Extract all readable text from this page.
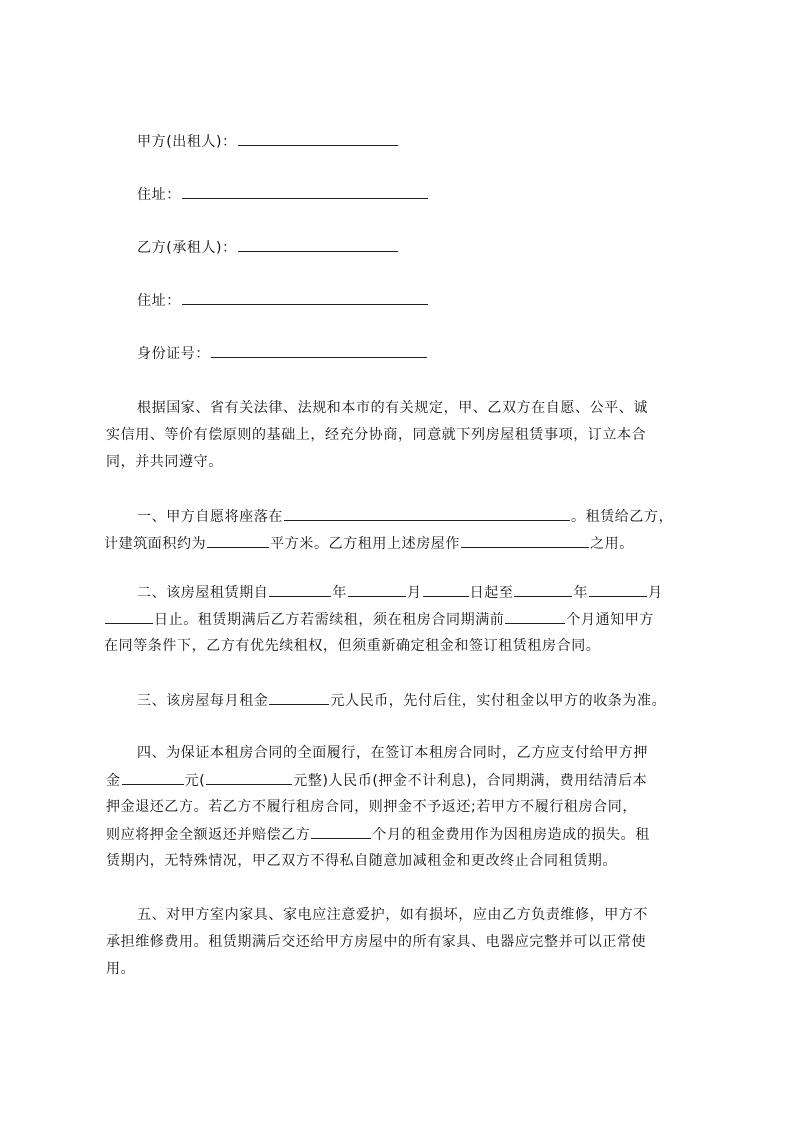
甲方(出租人)：
住址：
乙方(承租人)：
住址：
身份证号：
根据国家、省有关法律、法规和本市的有关规定，甲、乙双方在自愿、公平、诚
实信用、等价有偿原则的基础上，经充分协商，同意就下列房屋租赁事项，订立本合
同，并共同遵守。
一、甲方自愿将座落在	。租赁给乙方，
计建筑面积约为	平方米。乙方租用上述房屋作	之用。
二、该房屋租赁期自	年	月	日起至	年	月
日止。租赁期满后乙方若需续租，须在租房合同期满前	个月通知甲方
在同等条件下，乙方有优先续租权，但须重新确定租金和签订租赁租房合同。
三、该房屋每月租金	元人民币，先付后住，实付租金以甲方的收条为准。
四、为保证本租房合同的全面履行，在签订本租房合同时，乙方应支付给甲方押
金	元(	元整)人民币(押金不计利息)，合同期满，费用结清后本
押金退还乙方。若乙方不履行租房合同，则押金不予返还;若甲方不履行租房合同，
则应将押金全额返还并赔偿乙方	个月的租金费用作为因租房造成的损失。租
赁期内，无特殊情况，甲乙双方不得私自随意加减租金和更改终止合同租赁期。
五、对甲方室内家具、家电应注意爱护，如有损坏，应由乙方负责维修，甲方不
承担维修费用。租赁期满后交还给甲方房屋中的所有家具、电器应完整并可以正常使
用。
